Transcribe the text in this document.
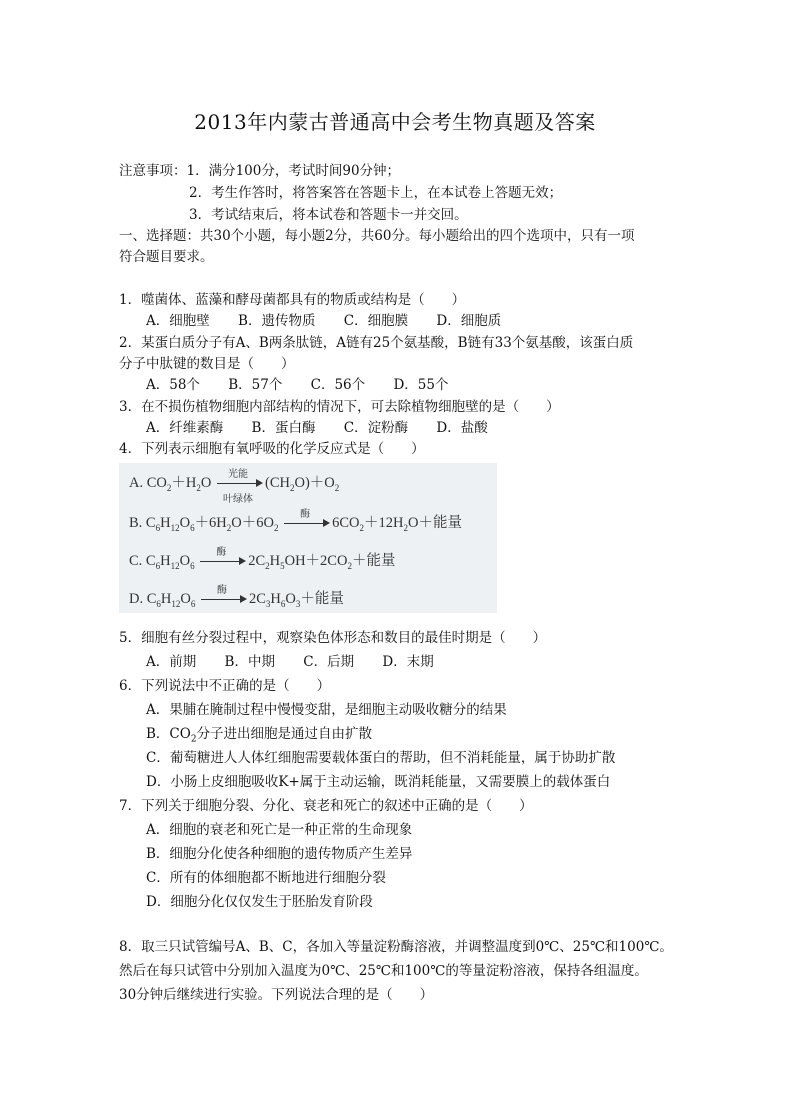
2013年内蒙古普通高中会考生物真题及答案
注意事项：1．满分100分，考试时间90分钟；
2．考生作答时，将答案答在答题卡上，在本试卷上答题无效；
3．考试结束后，将本试卷和答题卡一并交回。
一、选择题：共30个小题，每小题2分，共60分。每小题给出的四个选项中，只有一项
符合题目要求。
1．噬菌体、蓝藻和酵母菌都具有的物质或结构是（　　）
A．细胞壁 B．遗传物质 C．细胞膜 D．细胞质
2．某蛋白质分子有A、B两条肽链，A链有25个氨基酸，B链有33个氨基酸，该蛋白质
分子中肽键的数目是（　　）
A．58个 B．57个 C．56个 D．55个
3．在不损伤植物细胞内部结构的情况下，可去除植物细胞壁的是（　　）
A．纤维素酶 B．蛋白酶 C．淀粉酶 D．盐酸
4．下列表示细胞有氧呼吸的化学反应式是（　　）
A. $CO_2+H_2O$
光能
叶绿体
$(CH_2O)+O_2$
B. $C_6H_{12}O_6+6H_2O+6O_2$
酶
$6CO_2+12H_2O+$能量
C. $C_6H_{12}O_6$
酶
$2C_2H_5OH+2CO_2+$能量
D. $C_6H_{12}O_6$
酶
$2C_3H_6O_3+$能量
5．细胞有丝分裂过程中，观察染色体形态和数目的最佳时期是（　　）
A．前期 B．中期 C．后期 D．末期
6．下列说法中不正确的是（　　）
A．果脯在腌制过程中慢慢变甜，是细胞主动吸收糖分的结果
B．$CO_2$分子进出细胞是通过自由扩散
C．葡萄糖进人人体红细胞需要载体蛋白的帮助，但不消耗能量，属于协助扩散
D．小肠上皮细胞吸收K+属于主动运输，既消耗能量，又需要膜上的载体蛋白
7．下列关于细胞分裂、分化、衰老和死亡的叙述中正确的是（　　）
A．细胞的衰老和死亡是一种正常的生命现象
B．细胞分化使各种细胞的遗传物质产生差异
C．所有的体细胞都不断地进行细胞分裂
D．细胞分化仅仅发生于胚胎发育阶段
8．取三只试管编号A、B、C，各加入等量淀粉酶溶液，并调整温度到0℃、25℃和100℃。
然后在每只试管中分别加入温度为0℃、25℃和100℃的等量淀粉溶液，保持各组温度。
30分钟后继续进行实验。下列说法合理的是（　　）
